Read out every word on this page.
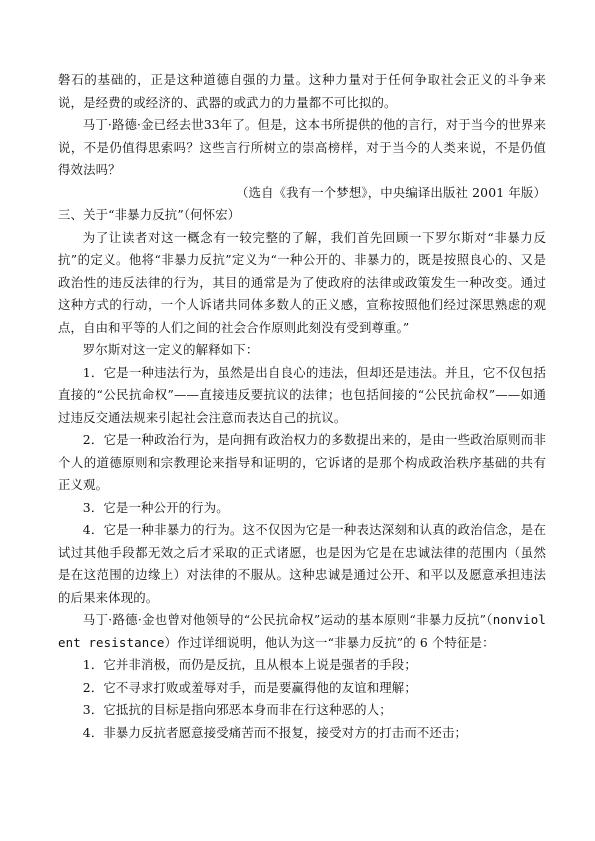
磐石的基础的，正是这种道德自强的力量。这种力量对于任何争取社会正义的斗争来说，是经费的或经济的、武器的或武力的力量都不可比拟的。

马丁·路德·金已经去世33年了。但是，这本书所提供的他的言行，对于当今的世界来说，不是仍值得思索吗？这些言行所树立的崇高榜样，对于当今的人类来说，不是仍值得效法吗？

（选自《我有一个梦想》，中央编译出版社 2001 年版）

三、关于“非暴力反抗”（何怀宏）

为了让读者对这一概念有一较完整的了解，我们首先回顾一下罗尔斯对“非暴力反抗”的定义。他将“非暴力反抗”定义为“一种公开的、非暴力的，既是按照良心的、又是政治性的违反法律的行为，其目的通常是为了使政府的法律或政策发生一种改变。通过这种方式的行动，一个人诉诸共同体多数人的正义感，宣称按照他们经过深思熟虑的观点，自由和平等的人们之间的社会合作原则此刻没有受到尊重。”

罗尔斯对这一定义的解释如下：

1．它是一种违法行为，虽然是出自良心的违法，但却还是违法。并且，它不仅包括直接的“公民抗命权”——直接违反要抗议的法律；也包括间接的“公民抗命权”——如通过违反交通法规来引起社会注意而表达自己的抗议。

2．它是一种政治行为，是向拥有政治权力的多数提出来的，是由一些政治原则而非个人的道德原则和宗教理论来指导和证明的，它诉诸的是那个构成政治秩序基础的共有正义观。

3．它是一种公开的行为。

4．它是一种非暴力的行为。这不仅因为它是一种表达深刻和认真的政治信念，是在试过其他手段都无效之后才采取的正式诸愿，也是因为它是在忠诚法律的范围内（虽然是在这范围的边缘上）对法律的不服从。这种忠诚是通过公开、和平以及愿意承担违法的后果来体现的。

马丁·路德·金也曾对他领导的“公民抗命权”运动的基本原则“非暴力反抗”（nonviolent resistance）作过详细说明，他认为这一“非暴力反抗”的 6 个特征是：

1．它并非消极，而仍是反抗，且从根本上说是强者的手段；

2．它不寻求打败或羞辱对手，而是要赢得他的友谊和理解；

3．它抵抗的目标是指向邪恶本身而非在行这种恶的人；

4．非暴力反抗者愿意接受痛苦而不报复，接受对方的打击而不还击；
